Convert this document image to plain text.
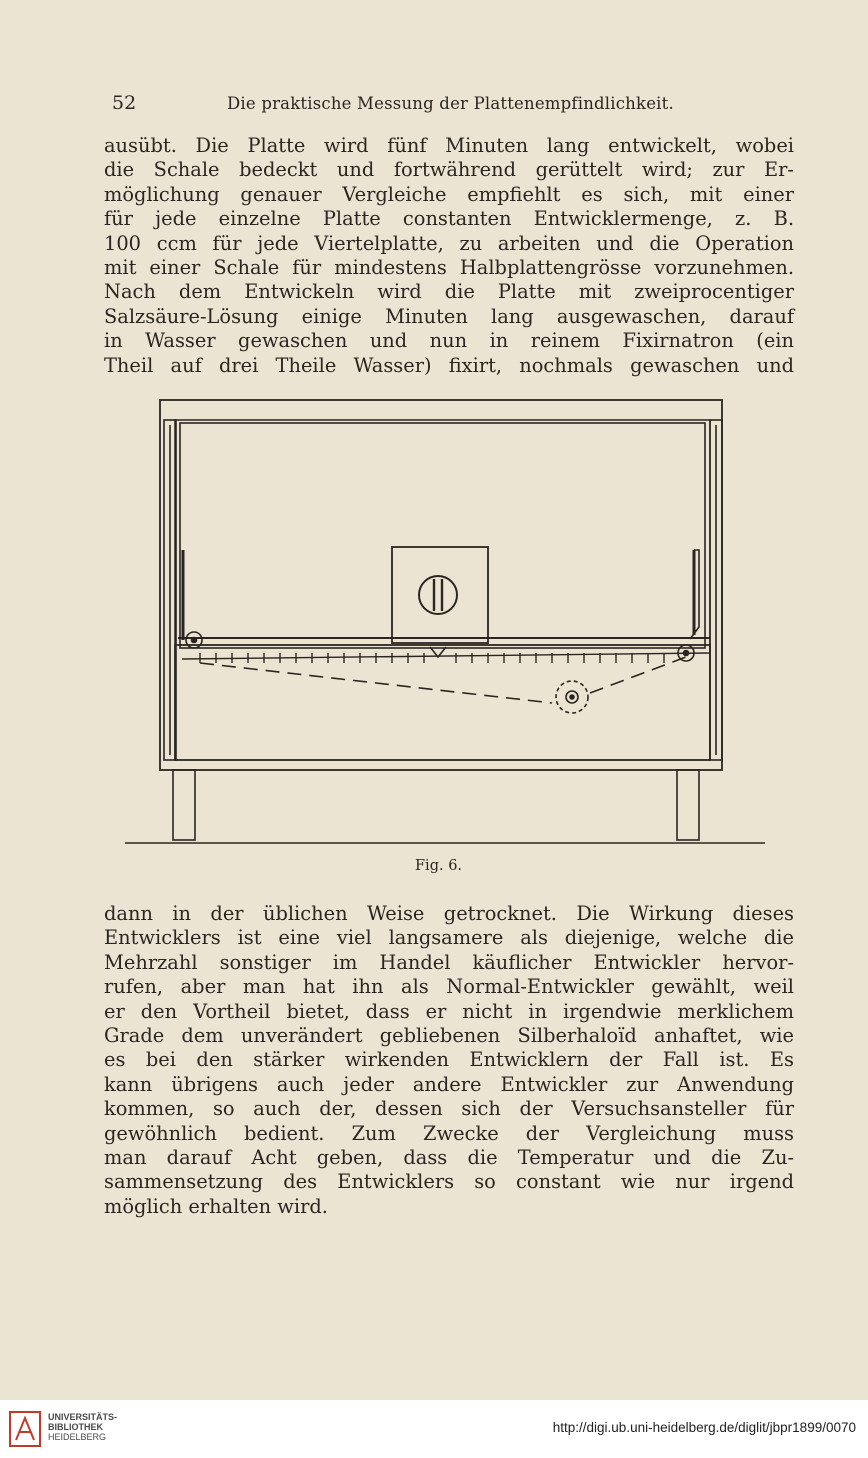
52	Die praktische Messung der Plattenempfindlichkeit.
ausübt. Die Platte wird fünf Minuten lang entwickelt, wobei
die Schale bedeckt und fortwährend gerüttelt wird; zur Er-
möglichung genauer Vergleiche empfiehlt es sich, mit einer
für jede einzelne Platte constanten Entwicklermenge, z. B.
100 ccm für jede Viertelplatte, zu arbeiten und die Operation
mit einer Schale für mindestens Halbplattengrösse vorzunehmen.
Nach dem Entwickeln wird die Platte mit zweiprocentiger
Salzsäure-Lösung einige Minuten lang ausgewaschen, darauf
in Wasser gewaschen und nun in reinem Fixirnatron (ein
Theil auf drei Theile Wasser) fixirt, nochmals gewaschen und
Fig. 6.
dann in der üblichen Weise getrocknet. Die Wirkung dieses
Entwicklers ist eine viel langsamere als diejenige, welche die
Mehrzahl sonstiger im Handel käuflicher Entwickler hervor-
rufen, aber man hat ihn als Normal-Entwickler gewählt, weil
er den Vortheil bietet, dass er nicht in irgendwie merklichem
Grade dem unverändert gebliebenen Silberhaloïd anhaftet, wie
es bei den stärker wirkenden Entwicklern der Fall ist. Es
kann übrigens auch jeder andere Entwickler zur Anwendung
kommen, so auch der, dessen sich der Versuchsansteller für
gewöhnlich bedient. Zum Zwecke der Vergleichung muss
man darauf Acht geben, dass die Temperatur und die Zu-
sammensetzung des Entwicklers so constant wie nur irgend
möglich erhalten wird.
UNIVERSITÄTS-
BIBLIOTHEK
HEIDELBERG
http://digi.ub.uni-heidelberg.de/diglit/jbpr1899/0070
